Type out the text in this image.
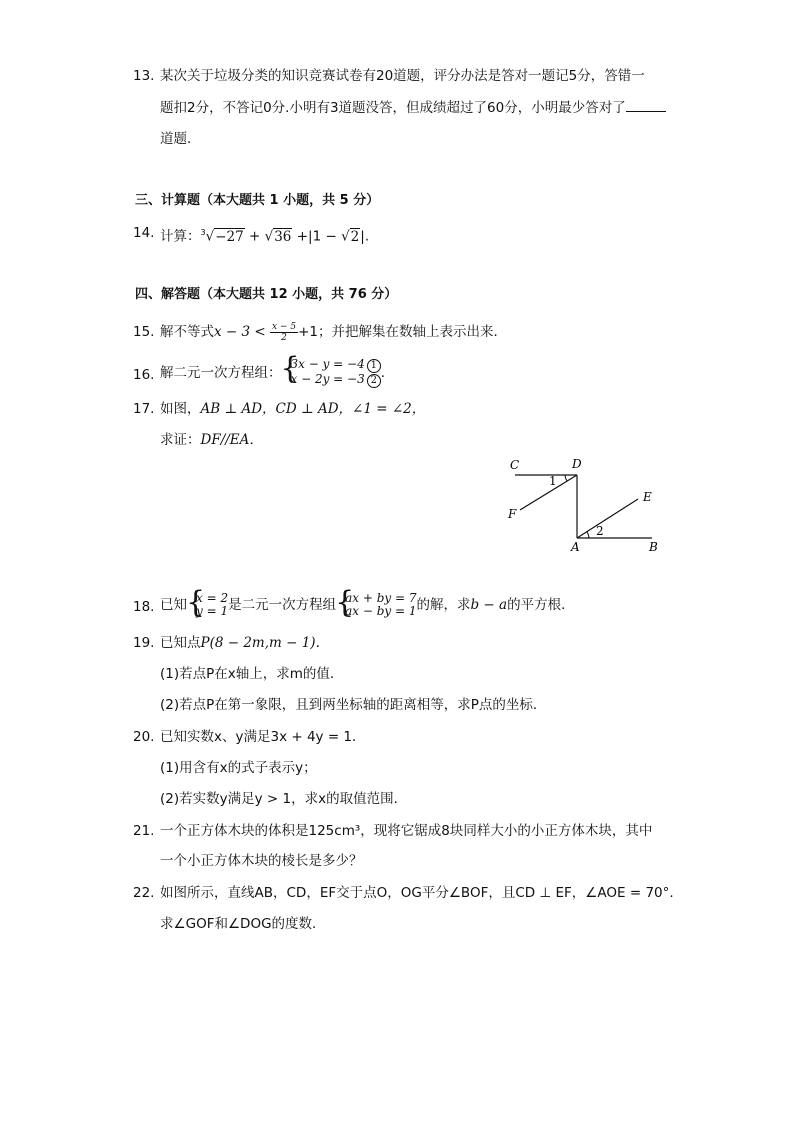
13. 某次关于垃圾分类的知识竞赛试卷有20道题，评分办法是答对一题记5分，答错一
题扣2分，不答记0分.小明有3道题没答，但成绩超过了60分，小明最少答对了
道题．
三、计算题（本大题共 1 小题，共 5 分）
14. 计算：$^3$√−27 + √36 +|1 − √2|.
四、解答题（本大题共 12 小题，共 76 分）
15. 解不等式$x - 3 < \frac{x - 5}{2} +1$；并把解集在数轴上表示出来．
16. 解二元一次方程组：
{ 3x − y = −4 1
x − 2y = −3 2 .
17. 如图，AB ⊥ AD，CD ⊥ AD，∠1 = ∠2，
求证：DF//EA．
C	D
F
E
A	B
1
2
18. 已知 { x = 2
y = 1 是二元一次方程组 { ax + by = 7
ax − by = 1 的解，求b − a的平方根．
19. 已知点P(8 − 2m,m − 1).
(1)若点P在x轴上，求m的值．
(2)若点P在第一象限，且到两坐标轴的距离相等，求P点的坐标．
20. 已知实数x、y满足3x + 4y = 1．
(1)用含有x的式子表示y；
(2)若实数y满足y > 1，求x的取值范围．
21. 一个正方体木块的体积是125cm³，现将它锯成8块同样大小的小正方体木块，其中
一个小正方体木块的棱长是多少？
22. 如图所示，直线AB，CD，EF交于点O，OG平分∠BOF，且CD ⊥ EF，∠AOE = 70°.
求∠GOF和∠DOG的度数．
